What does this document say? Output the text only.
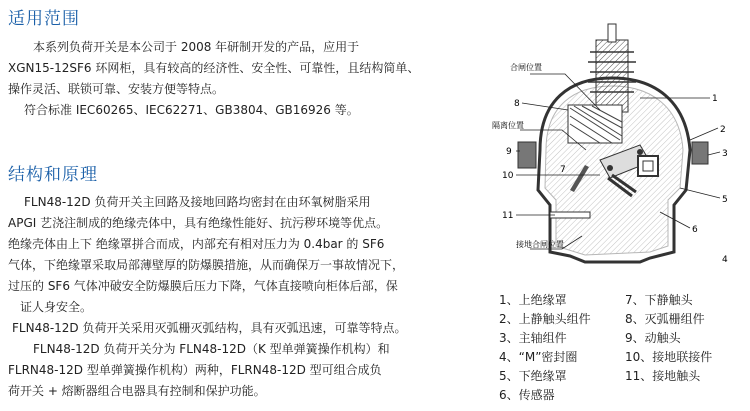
适用范围

本系列负荷开关是本公司于 2008 年研制开发的产品，应用于

XGN15-12SF6 环网柜，具有较高的经济性、安全性、可靠性，且结构简单、

操作灵活、联锁可靠、安装方便等特点。

符合标准 IEC60265、IEC62271、GB3804、GB16926 等。

结构和原理

FLN48-12D 负荷开关主回路及接地回路均密封在由环氧树脂采用

APGI 艺浇注制成的绝缘壳体中，具有绝缘性能好、抗污秽环境等优点。

绝缘壳体由上下 绝缘罩拼合而成，内部充有相对压力为 0.4bar 的 SF6

气体，下绝缘罩采取局部薄壁厚的防爆膜措施，从而确保万一事故情况下，

过压的 SF6 气体冲破安全防爆膜后压力下降，气体直接喷向柜体后部，保

证人身安全。

FLN48-12D 负荷开关采用灭弧栅灭弧结构，具有灭弧迅速，可靠等特点。

FLN48-12D 负荷开关分为 FLN48-12D（K 型单弹簧操作机构）和

FLRN48-12D 型单弹簧操作机构）两种，FLRN48-12D 型可组合成负

荷开关 + 熔断器组合电器具有控制和保护功能。

合闸位置
隔离位置
接地合闸位置
8	1
2
3
5
6
4
9
10
11
7
1、上绝缘罩
2、上静触头组件
3、主轴组件
4、“M”密封圈
5、下绝缘罩
6、传感器
7、下静触头
8、灭弧栅组件
9、动触头
10、接地联接件
11、接地触头
